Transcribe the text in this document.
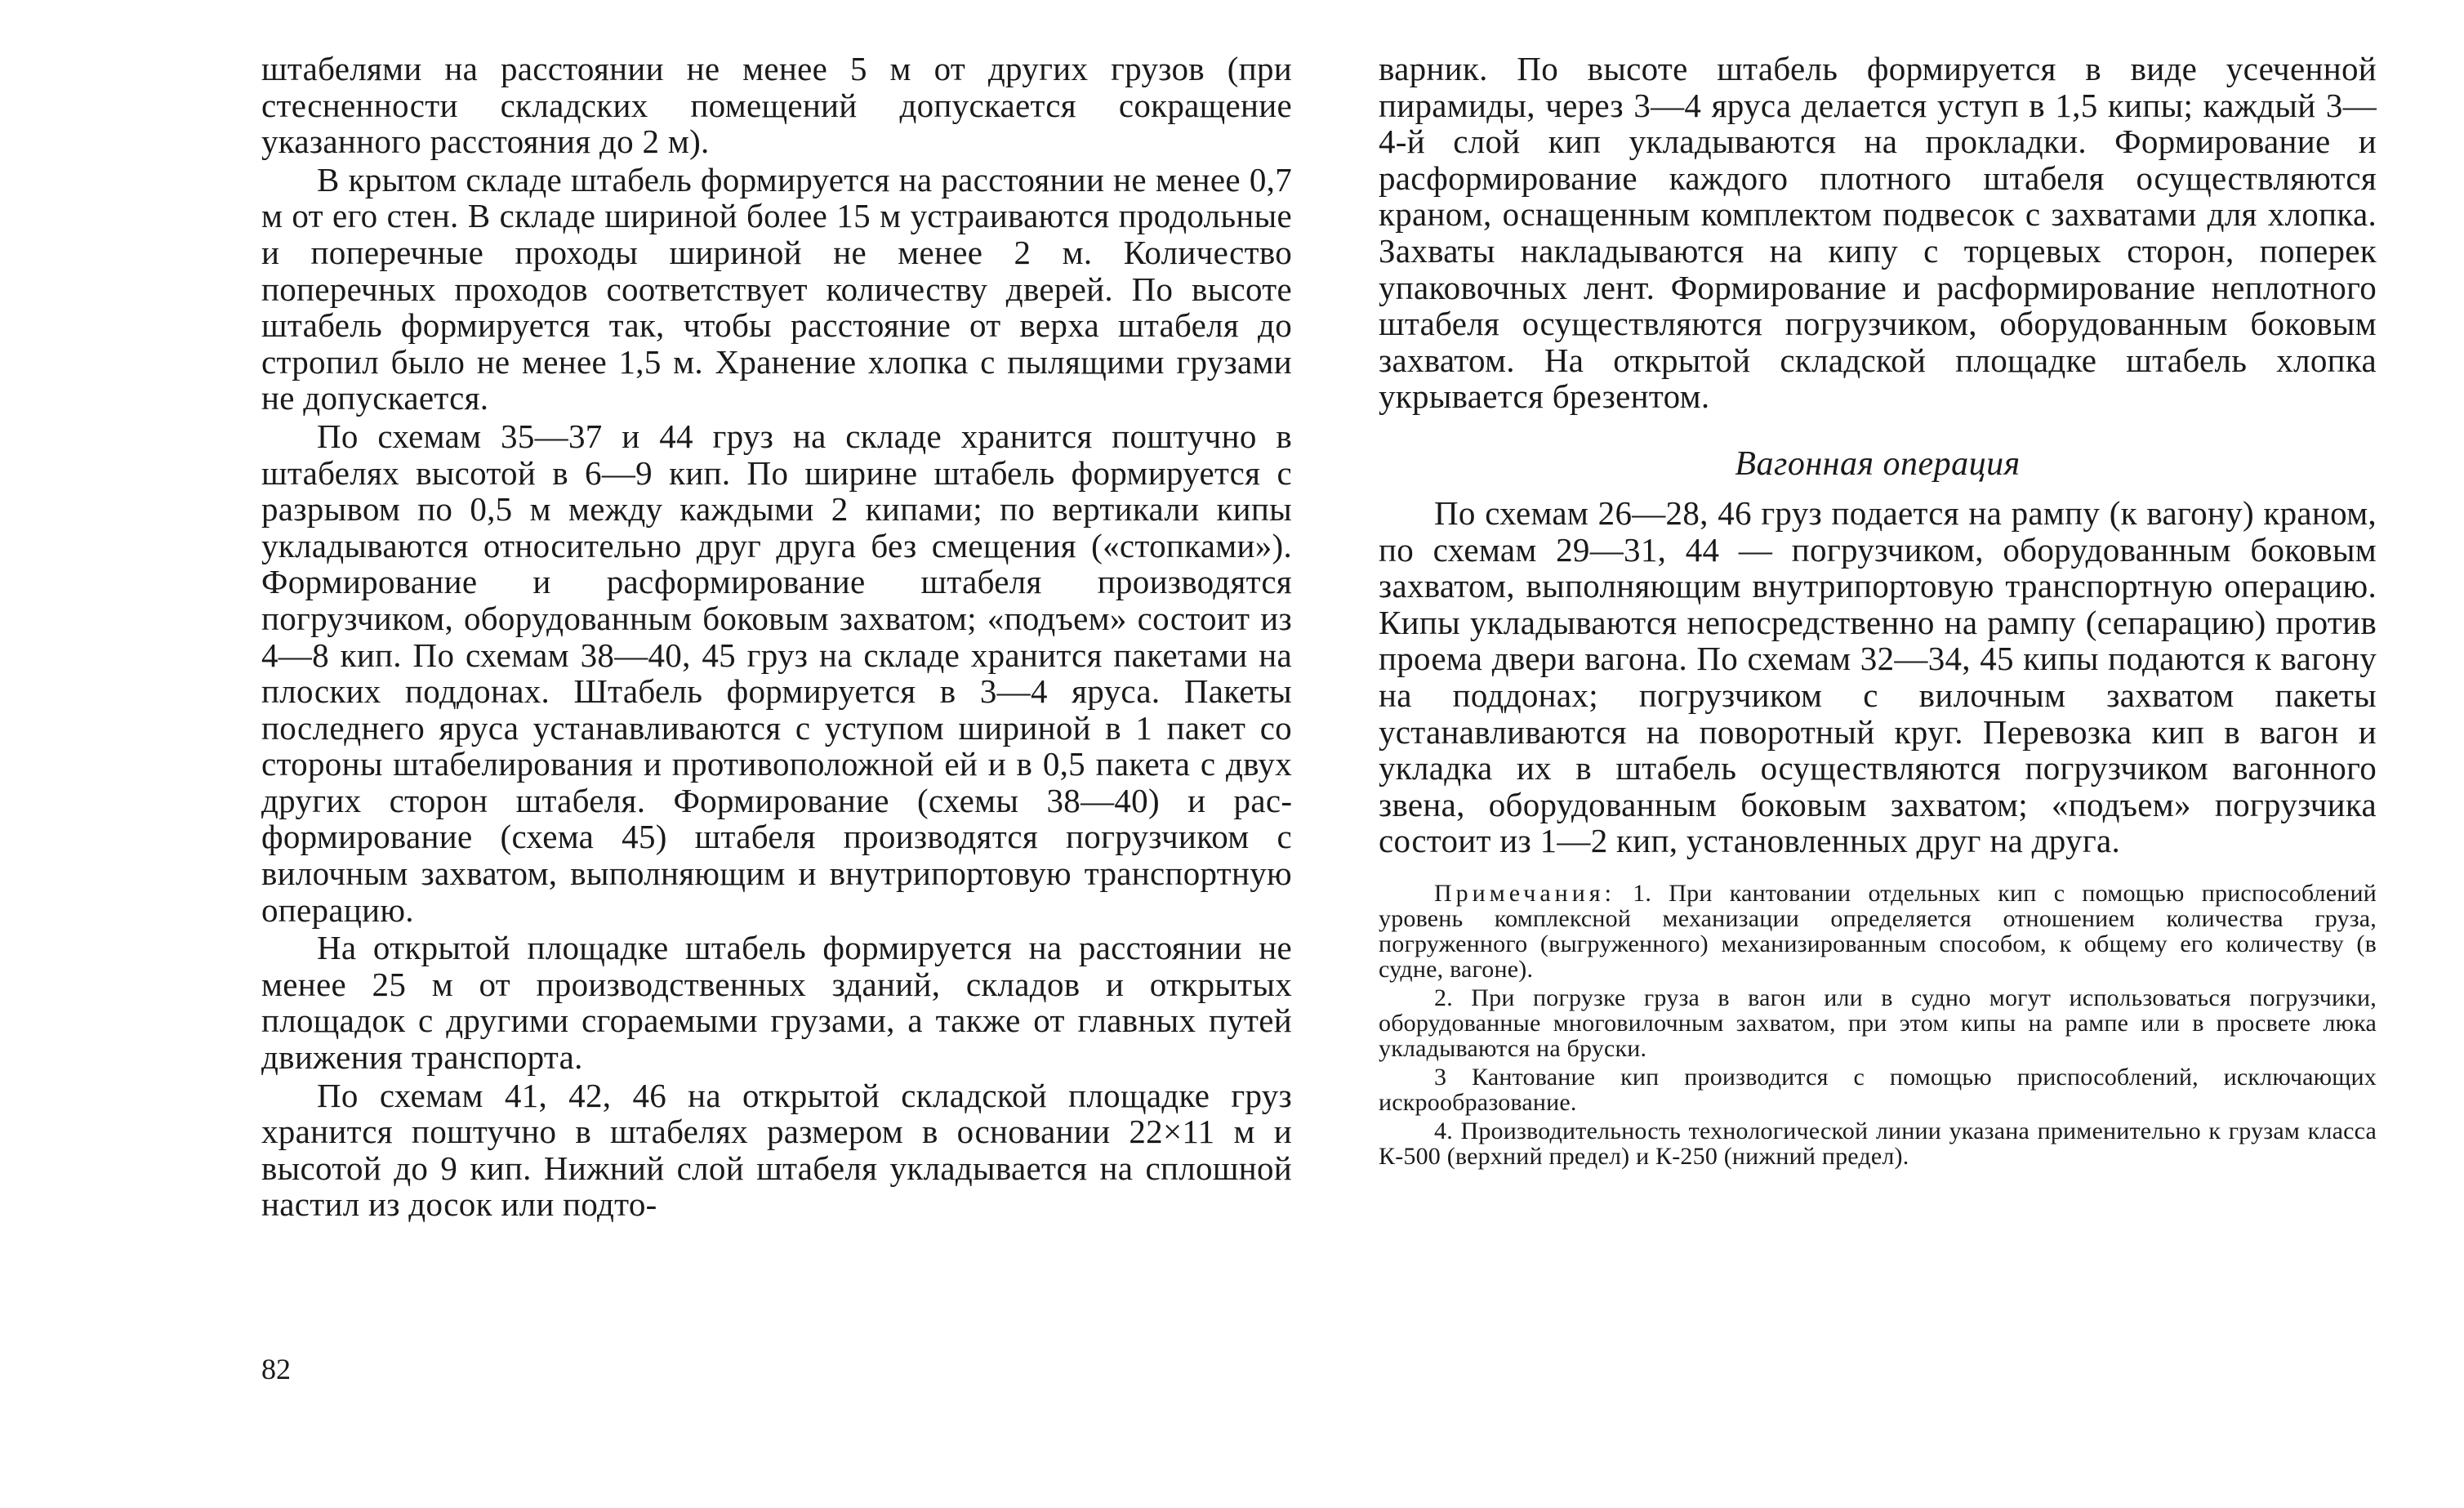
штабелями на расстоянии не менее 5 м от других грузов (при стесненности складских помещений допускается сокращение указанного расстояния до 2 м).

В крытом складе штабель формируется на расстоянии не менее 0,7 м от его стен. В складе шириной более 15 м устраиваются продольные и поперечные проходы шириной не менее 2 м. Количество поперечных проходов соответствует количеству дверей. По высоте штабель формируется так, чтобы расстояние от верха штабеля до стропил было не менее 1,5 м. Хранение хлопка с пылящими грузами не допускается.

По схемам 35—37 и 44 груз на складе хранится поштучно в штабелях высотой в 6—9 кип. По ширине штабель формируется с разрывом по 0,5 м между каждыми 2 кипами; по вертикали кипы укладываются относительно друг друга без смещения («стопками»). Формирование и расформирование штабеля производятся погрузчиком, оборудованным боковым захватом; «подъем» состоит из 4—8 кип. По схемам 38—40, 45 груз на складе хранится пакетами на плоских поддонах. Штабель формируется в 3—4 яруса. Пакеты последнего яруса устанавливаются с уступом шириной в 1 пакет со стороны штабелирования и противоположной ей и в 0,5 пакета с двух других сторон штабеля. Формирование (схемы 38—40) и расформирование (схема 45) штабеля производятся погрузчиком с вилочным захватом, выполняющим и внутрипортовую транспортную операцию.

На открытой площадке штабель формируется на расстоянии не менее 25 м от производственных зданий, складов и открытых площадок с другими сгораемыми грузами, а также от главных путей движения транспорта.

По схемам 41, 42, 46 на открытой складской площадке груз хранится поштучно в штабелях размером в основании 22×11 м и высотой до 9 кип. Нижний слой штабеля укладывается на сплошной настил из досок или подто-

82

варник. По высоте штабель формируется в виде усеченной пирамиды, через 3—4 яруса делается уступ в 1,5 кипы; каждый 3—4-й слой кип укладываются на прокладки. Формирование и расформирование каждого плотного штабеля осуществляются краном, оснащенным комплектом подвесок с захватами для хлопка. Захваты накладываются на кипу с торцевых сторон, поперек упаковочных лент. Формирование и расформирование неплотного штабеля осуществляются погрузчиком, оборудованным боковым захватом. На открытой складской площадке штабель хлопка укрывается брезентом.

Вагонная операция

По схемам 26—28, 46 груз подается на рампу (к вагону) краном, по схемам 29—31, 44 — погрузчиком, оборудованным боковым захватом, выполняющим внутрипортовую транспортную операцию. Кипы укладываются непосредственно на рампу (сепарацию) против проема двери вагона. По схемам 32—34, 45 кипы подаются к вагону на поддонах; погрузчиком с вилочным захватом пакеты устанавливаются на поворотный круг. Перевозка кип в вагон и укладка их в штабель осуществляются погрузчиком вагонного звена, оборудованным боковым захватом; «подъем» погрузчика состоит из 1—2 кип, установленных друг на друга.

Примечания: 1. При кантовании отдельных кип с помощью приспособлений уровень комплексной механизации определяется отношением количества груза, погруженного (выгруженного) механизированным способом, к общему его количеству (в судне, вагоне).

2. При погрузке груза в вагон или в судно могут использоваться погрузчики, оборудованные многовилочным захватом, при этом кипы на рампе или в просвете люка укладываются на бруски.

3 Кантование кип производится с помощью приспособлений, исключающих искрообразование.

4. Производительность технологической линии указана применительно к грузам класса К-500 (верхний предел) и К-250 (нижний предел).
